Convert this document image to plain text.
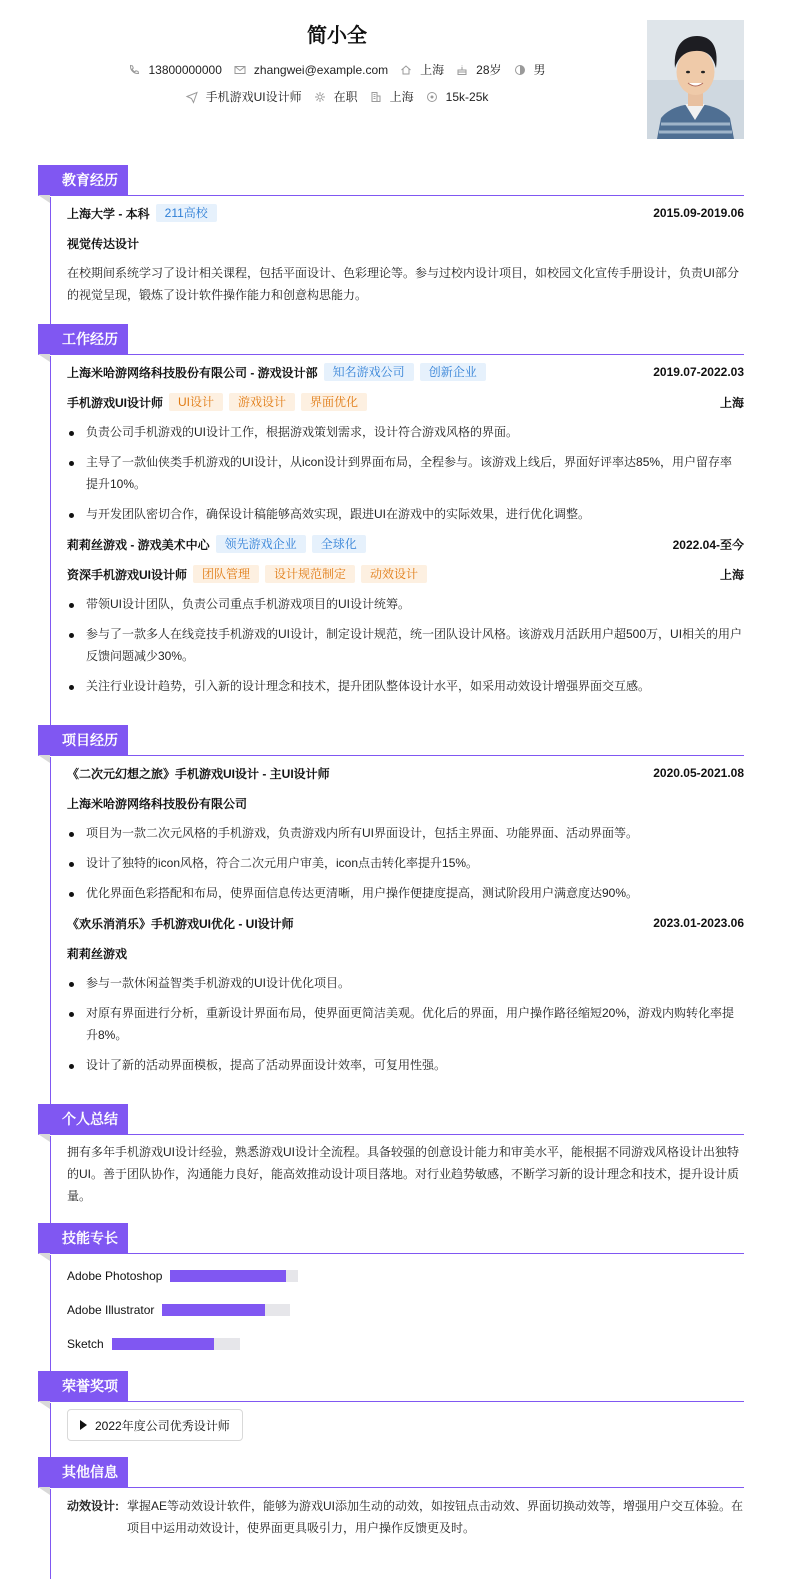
简小全
13800000000	zhangwei@example.com	上海	28岁	男
手机游戏UI设计师	在职	上海	15k-25k
教育经历
上海大学 - 本科	211高校	2015.09-2019.06
视觉传达设计
在校期间系统学习了设计相关课程，包括平面设计、色彩理论等。参与过校内设计项目，如校园文化宣传手册设计，负责UI部分的视觉呈现，锻炼了设计软件操作能力和创意构思能力。
工作经历
上海米哈游网络科技股份有限公司 - 游戏设计部	知名游戏公司	创新企业	2019.07-2022.03
手机游戏UI设计师	UI设计	游戏设计	界面优化	上海
负责公司手机游戏的UI设计工作，根据游戏策划需求，设计符合游戏风格的界面。
主导了一款仙侠类手机游戏的UI设计，从icon设计到界面布局，全程参与。该游戏上线后，界面好评率达85%，用户留存率提升10%。
与开发团队密切合作，确保设计稿能够高效实现，跟进UI在游戏中的实际效果，进行优化调整。
莉莉丝游戏 - 游戏美术中心	领先游戏企业	全球化	2022.04-至今
资深手机游戏UI设计师	团队管理	设计规范制定	动效设计	上海
带领UI设计团队，负责公司重点手机游戏项目的UI设计统筹。
参与了一款多人在线竞技手机游戏的UI设计，制定设计规范，统一团队设计风格。该游戏月活跃用户超500万，UI相关的用户反馈问题减少30%。
关注行业设计趋势，引入新的设计理念和技术，提升团队整体设计水平，如采用动效设计增强界面交互感。
项目经历
《二次元幻想之旅》手机游戏UI设计 - 主UI设计师	2020.05-2021.08
上海米哈游网络科技股份有限公司
项目为一款二次元风格的手机游戏，负责游戏内所有UI界面设计，包括主界面、功能界面、活动界面等。
设计了独特的icon风格，符合二次元用户审美，icon点击转化率提升15%。
优化界面色彩搭配和布局，使界面信息传达更清晰，用户操作便捷度提高，测试阶段用户满意度达90%。
《欢乐消消乐》手机游戏UI优化 - UI设计师	2023.01-2023.06
莉莉丝游戏
参与一款休闲益智类手机游戏的UI设计优化项目。
对原有界面进行分析，重新设计界面布局，使界面更简洁美观。优化后的界面，用户操作路径缩短20%，游戏内购转化率提升8%。
设计了新的活动界面模板，提高了活动界面设计效率，可复用性强。
个人总结
拥有多年手机游戏UI设计经验，熟悉游戏UI设计全流程。具备较强的创意设计能力和审美水平，能根据不同游戏风格设计出独特的UI。善于团队协作，沟通能力良好，能高效推动设计项目落地。对行业趋势敏感，不断学习新的设计理念和技术，提升设计质量。
技能专长
Adobe Photoshop
Adobe Illustrator
Sketch
荣誉奖项
2022年度公司优秀设计师
其他信息
动效设计: 掌握AE等动效设计软件，能够为游戏UI添加生动的动效，如按钮点击动效、界面切换动效等，增强用户交互体验。在项目中运用动效设计，使界面更具吸引力，用户操作反馈更及时。
